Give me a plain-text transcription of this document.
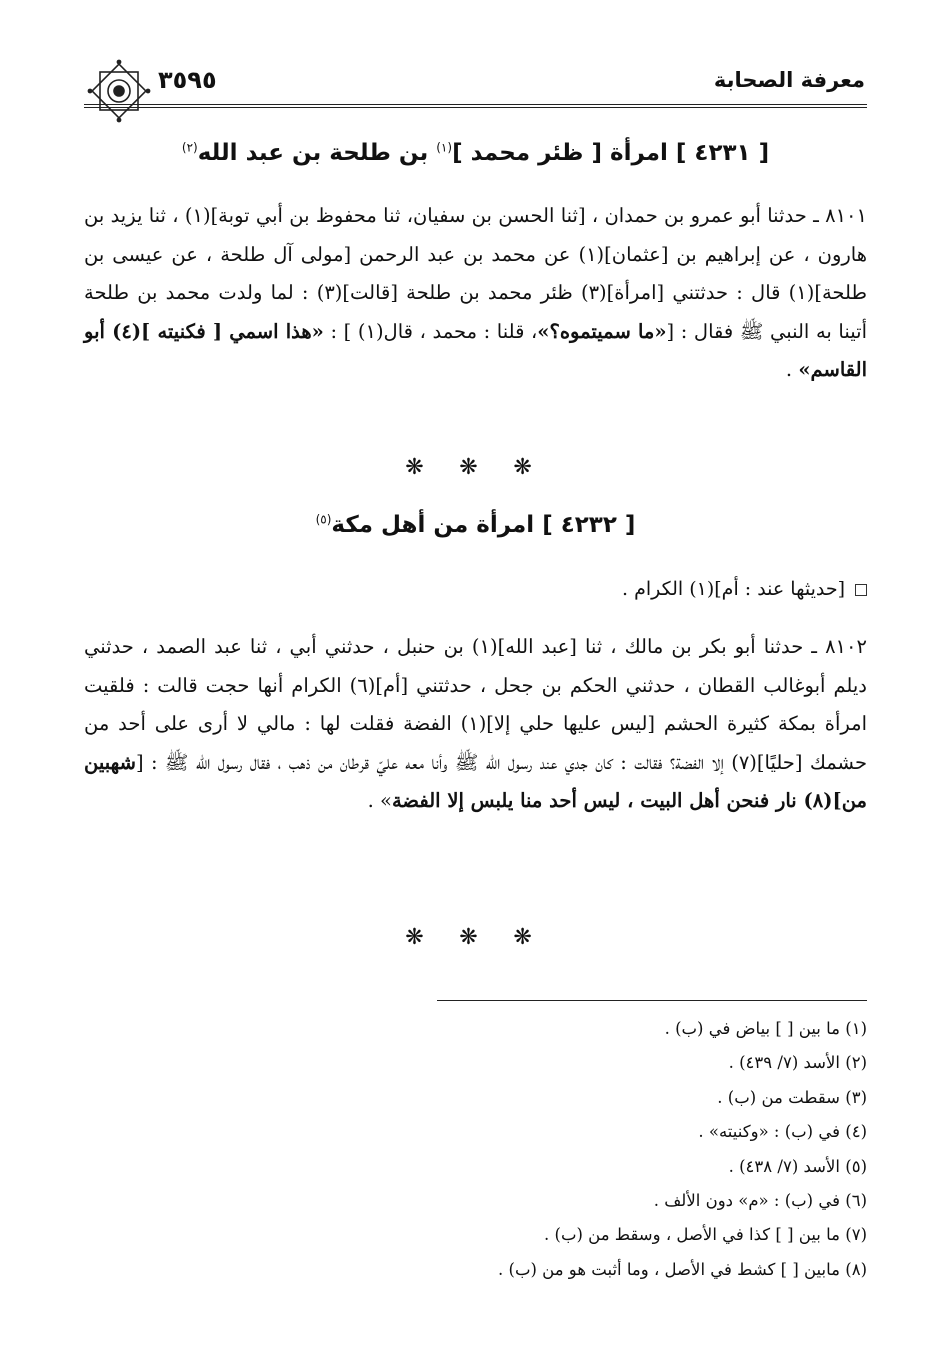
معرفة الصحابة
٣٥٩٥
[ ٤٢٣١ ] امرأة [ ظئر محمد ]$^{(١)}$ بن طلحة بن عبد الله$^{(٢)}$

٨١٠١ ـ حدثنا أبو عمرو بن حمدان ، [ثنا الحسن بن سفيان، ثنا محفوظ بن أبي توبة](١) ، ثنا يزيد بن هارون ، عن إبراهيم بن [عثمان](١) عن محمد بن عبد الرحمن [مولى آل طلحة ، عن عيسى بن طلحة](١) قال : حدثتني [امرأة](٣) ظئر محمد بن طلحة [قالت](٣) : لما ولدت محمد بن طلحة أتينا به النبي ﷺ فقال : [«ما سميتموه؟»، قلنا : محمد ، قال(١) ] : «هذا اسمي [ فكنيته ](٤) أبو القاسم» .

❋ ❋ ❋
[ ٤٢٣٢ ] امرأة من أهل مكة$^{(٥)}$
[حديثها عند : أم](١) الكرام .

٨١٠٢ ـ حدثنا أبو بكر بن مالك ، ثنا [عبد الله](١) بن حنبل ، حدثني أبي ، ثنا عبد الصمد ، حدثني ديلم أبوغالب القطان ، حدثني الحكم بن جحل ، حدثتني [أم](٦) الكرام أنها حجت قالت : فلقيت امرأة بمكة كثيرة الحشم [ليس عليها حلي إلا](١) الفضة فقلت لها : مالي لا أرى على أحد من حشمك [حليًا](٧) إلا الفضة؟ فقالت : كان جدي عند رسول الله ﷺ وأنا معه عليّ قرطان من ذهب ، فقال رسول الله ﷺ : [شهبين من](٨) نار فنحن أهل البيت ، ليس أحد منا يلبس إلا الفضة» .

❋ ❋ ❋
(١) ما بين [ ] بياض في (ب) .
(٢) الأسد (٧/ ٤٣٩) .
(٣) سقطت من (ب) .
(٤) في (ب) : «وكنيته» .
(٥) الأسد (٧/ ٤٣٨) .
(٦) في (ب) : «م» دون الألف .
(٧) ما بين [ ] كذا في الأصل ، وسقط من (ب) .
(٨) مابين [ ] كشط في الأصل ، وما أثبت هو من (ب) .
